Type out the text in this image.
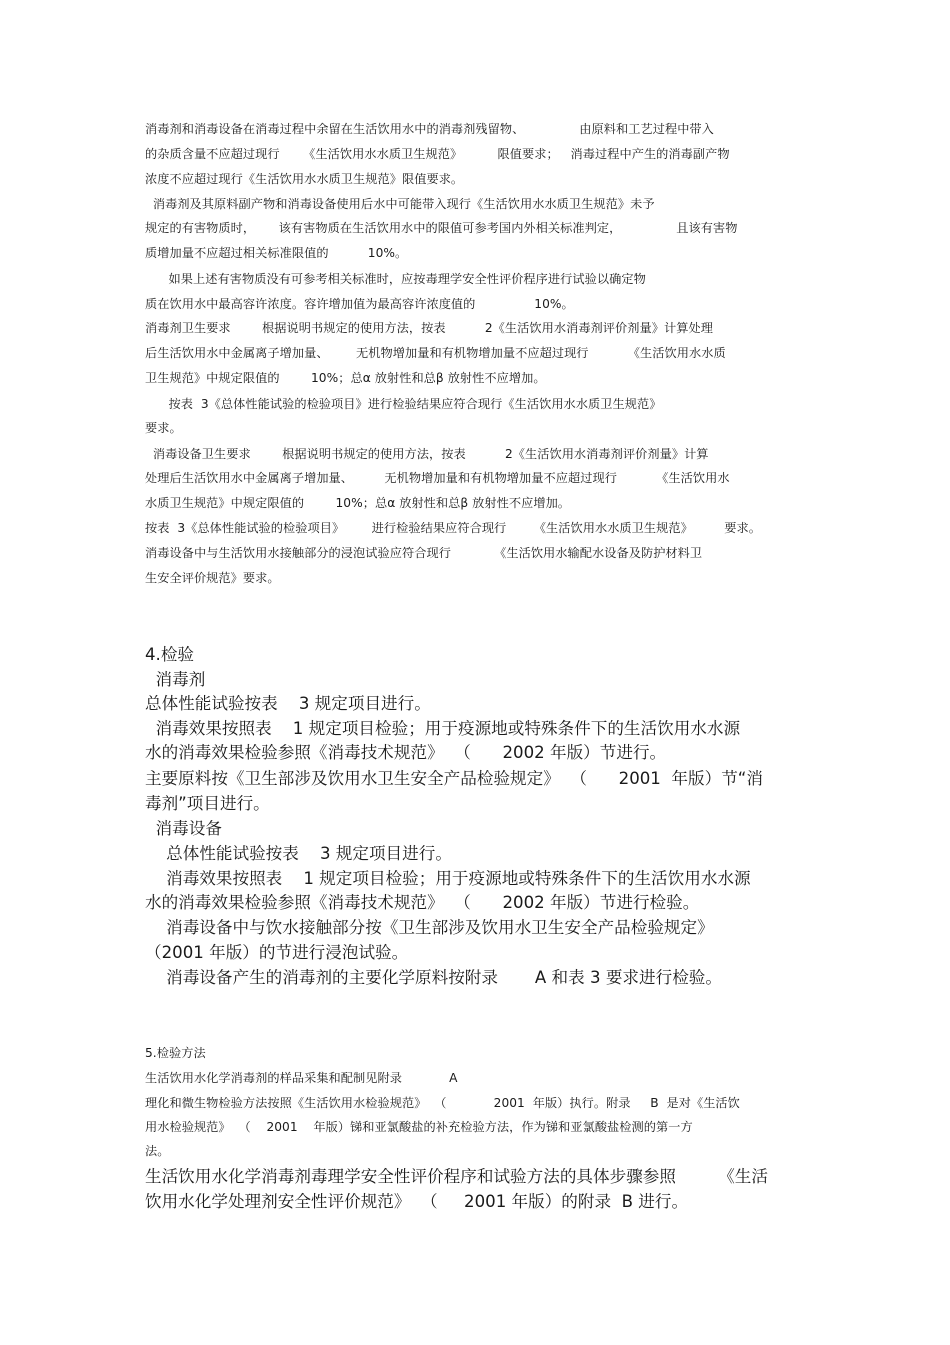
消毒剂和消毒设备在消毒过程中余留在生活饮用水中的消毒剂残留物、              由原料和工艺过程中带入

的杂质含量不应超过现行      《生活饮用水水质卫生规范》         限值要求；   消毒过程中产生的消毒副产物

浓度不应超过现行《生活饮用水水质卫生规范》限值要求。

消毒剂及其原料副产物和消毒设备使用后水中可能带入现行《生活饮用水水质卫生规范》未予

规定的有害物质时，      该有害物质在生活饮用水中的限值可参考国内外相关标准判定，              且该有害物

质增加量不应超过相关标准限值的          10%。

如果上述有害物质没有可参考相关标准时，应按毒理学安全性评价程序进行试验以确定物

质在饮用水中最高容许浓度。容许增加值为最高容许浓度值的               10%。

消毒剂卫生要求        根据说明书规定的使用方法，按表          2《生活饮用水消毒剂评价剂量》计算处理

后生活饮用水中金属离子增加量、       无机物增加量和有机物增加量不应超过现行          《生活饮用水水质

卫生规范》中规定限值的        10%；总α 放射性和总β 放射性不应增加。

按表  3《总体性能试验的检验项目》进行检验结果应符合现行《生活饮用水水质卫生规范》

要求。

消毒设备卫生要求        根据说明书规定的使用方法，按表          2《生活饮用水消毒剂评价剂量》计算

处理后生活饮用水中金属离子增加量、        无机物增加量和有机物增加量不应超过现行          《生活饮用水

水质卫生规范》中规定限值的        10%；总α 放射性和总β 放射性不应增加。

按表  3《总体性能试验的检验项目》       进行检验结果应符合现行       《生活饮用水水质卫生规范》        要求。

消毒设备中与生活饮用水接触部分的浸泡试验应符合现行           《生活饮用水输配水设备及防护材料卫

生安全评价规范》要求。

4.检验

消毒剂

总体性能试验按表    3 规定项目进行。

消毒效果按照表    1 规定项目检验；用于疫源地或特殊条件下的生活饮用水水源

水的消毒效果检验参照《消毒技术规范》  （      2002 年版）节进行。

主要原料按《卫生部涉及饮用水卫生安全产品检验规定》  （      2001  年版）节“消

毒剂”项目进行。

消毒设备

总体性能试验按表    3 规定项目进行。

消毒效果按照表    1 规定项目检验；用于疫源地或特殊条件下的生活饮用水水源

水的消毒效果检验参照《消毒技术规范》  （      2002 年版）节进行检验。

消毒设备中与饮水接触部分按《卫生部涉及饮用水卫生安全产品检验规定》

（2001 年版）的节进行浸泡试验。

消毒设备产生的消毒剂的主要化学原料按附录       A 和表 3 要求进行检验。

5.检验方法

生活饮用水化学消毒剂的样品采集和配制见附录            A

理化和微生物检验方法按照《生活饮用水检验规范》  （            2001  年版）执行。附录     B  是对《生活饮

用水检验规范》  （    2001    年版）锑和亚氯酸盐的补充检验方法，作为锑和亚氯酸盐检测的第一方

法。

生活饮用水化学消毒剂毒理学安全性评价程序和试验方法的具体步骤参照        《生活

饮用水化学处理剂安全性评价规范》  （     2001 年版）的附录  B 进行。
